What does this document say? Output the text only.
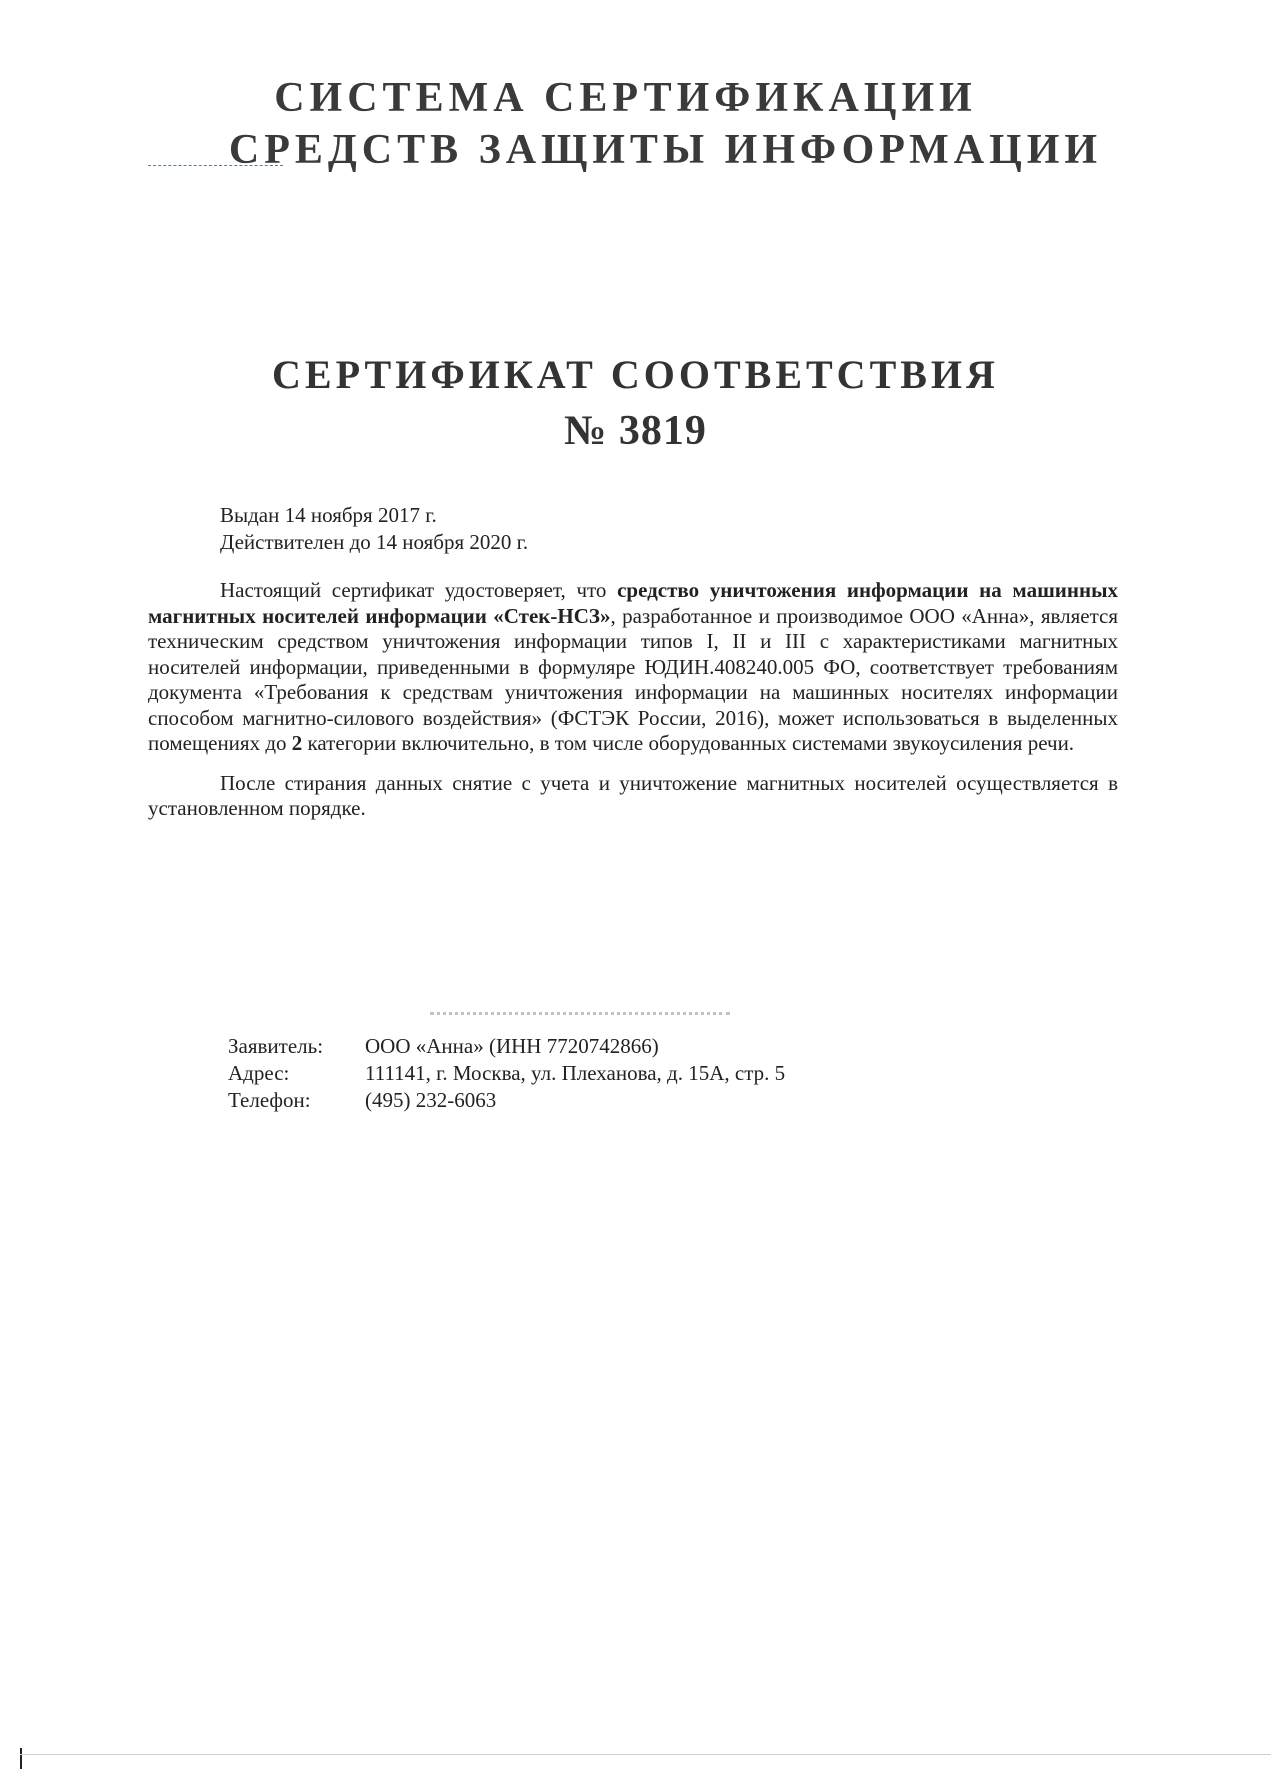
СИСТЕМА СЕРТИФИКАЦИИ
СРЕДСТВ ЗАЩИТЫ ИНФОРМАЦИИ
СЕРТИФИКАТ СООТВЕТСТВИЯ
№ 3819
Выдан 14 ноября 2017 г.
Действителен до 14 ноября 2020 г.

Настоящий сертификат удостоверяет, что средство уничтожения информации на машинных магнитных носителей информации «Стек-НСЗ», разработанное и производимое ООО «Анна», является техническим средством уничтожения информации типов I, II и III с характеристиками магнитных носителей информации, приведенными в формуляре ЮДИН.408240.005 ФО, соответствует требованиям документа «Требования к средствам уничтожения информации на машинных носителях информации способом магнитно-силового воздействия» (ФСТЭК России, 2016), может использоваться в выделенных помещениях до 2 категории включительно, в том числе оборудованных системами звукоусиления речи.

После стирания данных снятие с учета и уничтожение магнитных носителей осуществляется в установленном порядке.

Заявитель:	ООО «Анна» (ИНН 7720742866)
Адрес:	111141, г. Москва, ул. Плеханова, д. 15А, стр. 5
Телефон:	(495) 232-6063
